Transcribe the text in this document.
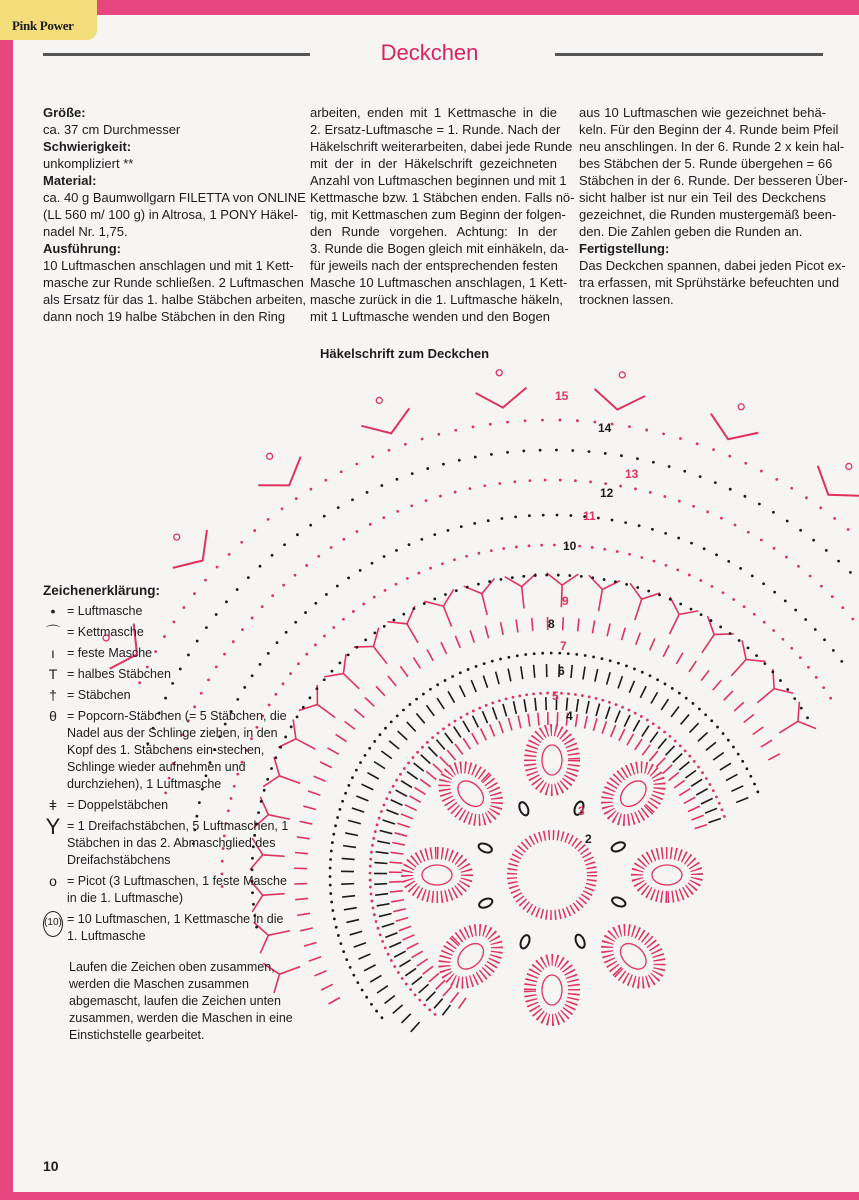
Pink Power
Deckchen
Größe:
ca. 37 cm Durchmesser
Schwierigkeit:
unkompliziert **
Material:
ca. 40 g Baumwollgarn FILETTA von ONLINE
(LL 560 m/ 100 g) in Altrosa, 1 PONY Häkel-
nadel Nr. 1,75.
Ausführung:
10 Luftmaschen anschlagen und mit 1 Kett-
masche zur Runde schließen. 2 Luftmaschen
als Ersatz für das 1. halbe Stäbchen arbeiten,
dann noch 19 halbe Stäbchen in den Ring
arbeiten, enden mit 1 Kettmasche in die
2. Ersatz-Luftmasche = 1. Runde. Nach der
Häkelschrift weiterarbeiten, dabei jede Runde
mit der in der Häkelschrift gezeichneten
Anzahl von Luftmaschen beginnen und mit 1
Kettmasche bzw. 1 Stäbchen enden. Falls nö-
tig, mit Kettmaschen zum Beginn der folgen-
den Runde vorgehen. Achtung: In der
3. Runde die Bogen gleich mit einhäkeln, da-
für jeweils nach der entsprechenden festen
Masche 10 Luftmaschen anschlagen, 1 Kett-
masche zurück in die 1. Luftmasche häkeln,
mit 1 Luftmasche wenden und den Bogen
aus 10 Luftmaschen wie gezeichnet behä-
keln. Für den Beginn der 4. Runde beim Pfeil
neu anschlingen. In der 6. Runde 2 x kein hal-
bes Stäbchen der 5. Runde übergehen = 66
Stäbchen in der 6. Runde. Der besseren Über-
sicht halber ist nur ein Teil des Deckchens
gezeichnet, die Runden mustergemäß been-
den. Die Zahlen geben die Runden an.
Fertigstellung:
Das Deckchen spannen, dabei jeden Picot ex-
tra erfassen, mit Sprühstärke befeuchten und
trocknen lassen.
2
3
4
5
6
7
8
9
10
11
12
13
14
15
Häkelschrift zum Deckchen
Zeichenerklärung:
• = Luftmasche
⌒ = Kettmasche
ı = feste Masche
T = halbes Stäbchen
† = Stäbchen
θ = Popcorn-Stäbchen (= 5 Stäbchen, die Nadel aus der Schlinge ziehen, in den Kopf des 1. Stäbchens ein-stechen, Schlinge wieder aufnehmen und durchziehen), 1 Luftmasche
ǂ = Doppelstäbchen
Y = 1 Dreifachstäbchen, 5 Luftmaschen, 1 Stäbchen in das 2. Abmaschglied des Dreifachstäbchens
o = Picot (3 Luftmaschen, 1 feste Masche in die 1. Luftmasche)
(10) = 10 Luftmaschen, 1 Kettmasche in die 1. Luftmasche
Laufen die Zeichen oben zusammen, werden die Maschen zusammen abgemascht, laufen die Zeichen unten zusammen, werden die Maschen in eine Einstichstelle gearbeitet.
10
